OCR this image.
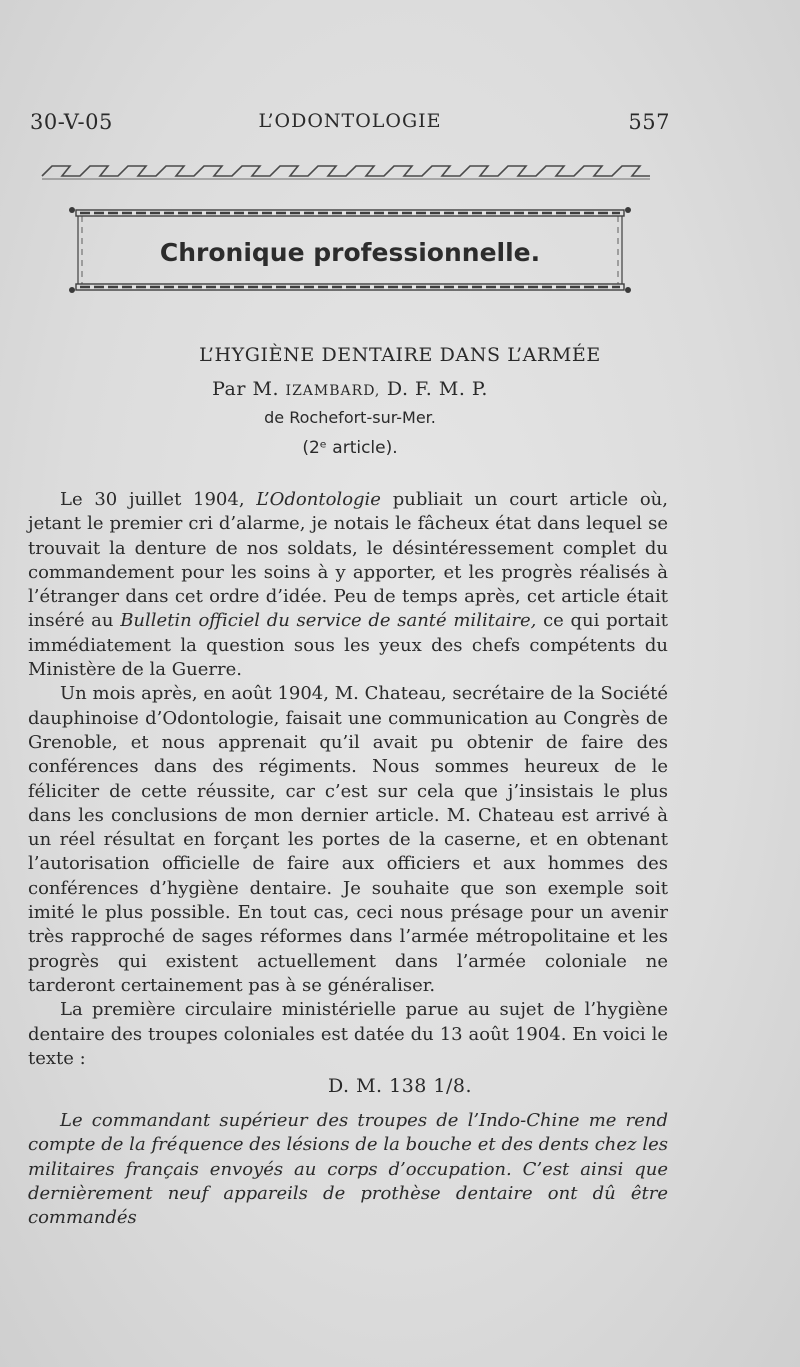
30-V-05	L’ODONTOLOGIE	557
Chronique professionnelle.
L’HYGIÈNE DENTAIRE DANS L’ARMÉE
Par M. IZAMBARD, D. F. M. P.
de Rochefort-sur-Mer.
(2ᵉ article).

Le 30 juillet 1904, L’Odontologie publiait un court article où, jetant le premier cri d’alarme, je notais le fâcheux état dans lequel se trouvait la denture de nos soldats, le désintéressement complet du commandement pour les soins à y apporter, et les progrès réalisés à l’étranger dans cet ordre d’idée. Peu de temps après, cet article était inséré au Bulletin officiel du service de santé militaire, ce qui portait immédiatement la question sous les yeux des chefs compétents du Ministère de la Guerre.

Un mois après, en août 1904, M. Chateau, secrétaire de la Société dauphinoise d’Odontologie, faisait une communication au Congrès de Grenoble, et nous apprenait qu’il avait pu obtenir de faire des conférences dans des régiments. Nous sommes heureux de le féliciter de cette réussite, car c’est sur cela que j’insistais le plus dans les conclusions de mon dernier article. M. Chateau est arrivé à un réel résultat en forçant les portes de la caserne, et en obtenant l’autorisation officielle de faire aux officiers et aux hommes des conférences d’hygiène dentaire. Je souhaite que son exemple soit imité le plus possible. En tout cas, ceci nous présage pour un avenir très rapproché de sages réformes dans l’armée métropolitaine et les progrès qui existent actuellement dans l’armée coloniale ne tarderont certainement pas à se généraliser.

La première circulaire ministérielle parue au sujet de l’hygiène dentaire des troupes coloniales est datée du 13 août 1904. En voici le texte :

D. M. 138 1/8.

Le commandant supérieur des troupes de l’Indo-Chine me rend compte de la fréquence des lésions de la bouche et des dents chez les militaires français envoyés au corps d’occupation. C’est ainsi que dernièrement neuf appareils de prothèse dentaire ont dû être commandés
